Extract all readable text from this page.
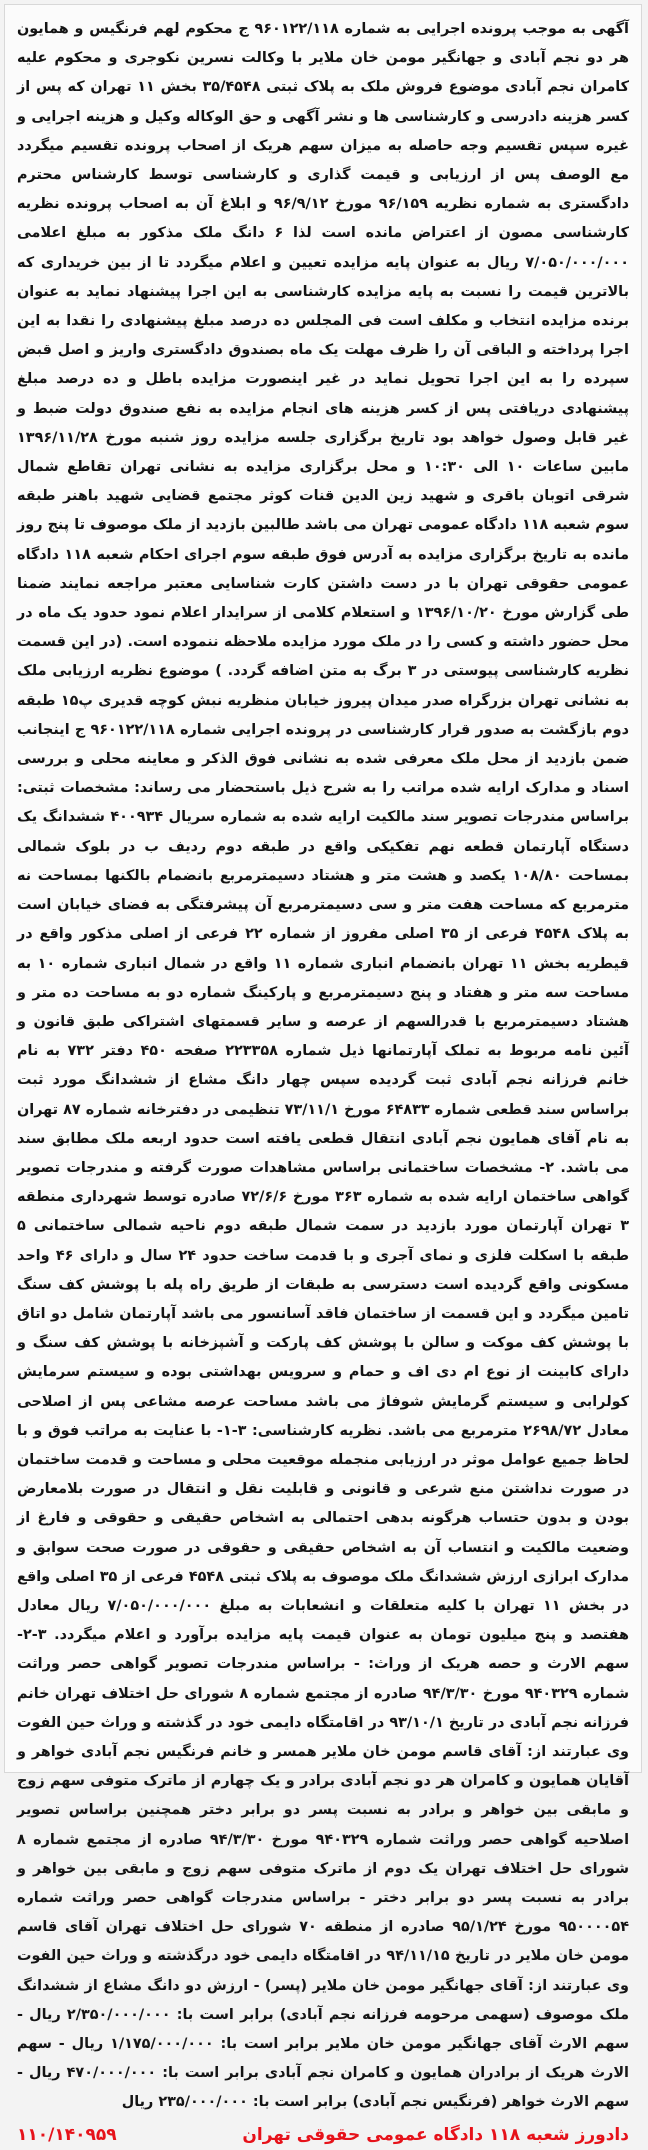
آگهی به موجب پرونده اجرایی به شماره ۹۶۰۱۲۲/۱۱۸ ج محکوم لهم فرنگیس و همایون هر دو نجم آبادی و جهانگیر مومن خان ملایر با وکالت نسرین نکوجری و محکوم علیه کامران نجم آبادی موضوع فروش ملک به پلاک ثبتی ۳۵/۴۵۴۸ بخش ۱۱ تهران که پس از کسر هزینه دادرسی و کارشناسی ها و نشر آگهی و حق الوکاله وکیل و هزینه اجرایی و غیره سپس تقسیم وجه حاصله به میزان سهم هریک از اصحاب پرونده تقسیم میگردد مع الوصف پس از ارزیابی و قیمت گذاری و کارشناسی توسط کارشناس محترم دادگستری به شماره نظریه ۹۶/۱۵۹ مورخ ۹۶/۹/۱۲ و ابلاغ آن به اصحاب پرونده نظریه کارشناسی مصون از اعتراض مانده است لذا ۶ دانگ ملک مذکور به مبلغ اعلامی ۷/۰۵۰/۰۰۰/۰۰۰ ریال به عنوان پایه مزایده تعیین و اعلام میگردد تا از بین خریداری که بالاترین قیمت را نسبت به پایه مزایده کارشناسی به این اجرا پیشنهاد نماید به عنوان برنده مزایده انتخاب و مکلف است فی المجلس ده درصد مبلغ پیشنهادی را نقدا به این اجرا پرداخته و الباقی آن را ظرف مهلت یک ماه بصندوق دادگستری واریز و اصل قبض سپرده را به این اجرا تحویل نماید در غیر اینصورت مزایده باطل و ده درصد مبلغ پیشنهادی دریافتی پس از کسر هزینه های انجام مزایده به نفع صندوق دولت ضبط و غیر قابل وصول خواهد بود تاریخ برگزاری جلسه مزایده روز شنبه مورخ ۱۳۹۶/۱۱/۲۸ مابین ساعات ۱۰ الی ۱۰:۳۰ و محل برگزاری مزایده به نشانی تهران تقاطع شمال شرقی اتوبان باقری و شهید زین الدین قنات کوثر مجتمع قضایی شهید باهنر طبقه سوم شعبه ۱۱۸ دادگاه عمومی تهران می باشد طالبین بازدید از ملک موصوف تا پنج روز مانده به تاریخ برگزاری مزایده به آدرس فوق طبقه سوم اجرای احکام شعبه ۱۱۸ دادگاه عمومی حقوقی تهران با در دست داشتن کارت شناسایی معتبر مراجعه نمایند ضمنا طی گزارش مورخ ۱۳۹۶/۱۰/۲۰ و استعلام کلامی از سرایدار اعلام نمود حدود یک ماه در محل حضور داشته و کسی را در ملک مورد مزایده ملاحظه ننموده است. (در این قسمت نظریه کارشناسی پیوستی در ۳ برگ به متن اضافه گردد. ) موضوع نظریه ارزیابی ملک به نشانی تهران بزرگراه صدر میدان پیروز خیابان منظریه نبش کوچه قدیری پ۱۵ طبقه دوم بازگشت به صدور قرار کارشناسی در پرونده اجرایی شماره ۹۶۰۱۲۲/۱۱۸ ج اینجانب ضمن بازدید از محل ملک معرفی شده به نشانی فوق الذکر و معاینه محلی و بررسی اسناد و مدارک ارایه شده مراتب را به شرح ذیل باستحضار می رساند: مشخصات ثبتی: براساس مندرجات تصویر سند مالکیت ارایه شده به شماره سریال ۴۰۰۹۳۴ ششدانگ یک دستگاه آپارتمان قطعه نهم تفکیکی واقع در طبقه دوم ردیف ب در بلوک شمالی بمساحت ۱۰۸/۸۰ یکصد و هشت متر و هشتاد دسیمترمربع بانضمام بالکنها بمساحت نه مترمربع که مساحت هفت متر و سی دسیمترمربع آن پیشرفتگی به فضای خیابان است به پلاک ۴۵۴۸ فرعی از ۳۵ اصلی مفروز از شماره ۲۲ فرعی از اصلی مذکور واقع در قیطریه بخش ۱۱ تهران بانضمام انباری شماره ۱۱ واقع در شمال انباری شماره ۱۰ به مساحت سه متر و هفتاد و پنج دسیمترمربع و پارکینگ شماره دو به مساحت ده متر و هشتاد دسیمترمربع با قدرالسهم از عرصه و سایر قسمتهای اشتراکی طبق قانون و آئین نامه مربوط به تملک آپارتمانها ذیل شماره ۲۲۳۳۵۸ صفحه ۴۵۰ دفتر ۷۳۲ به نام خانم فرزانه نجم آبادی ثبت گردیده سپس چهار دانگ مشاع از ششدانگ مورد ثبت براساس سند قطعی شماره ۶۴۸۳۳ مورخ ۷۳/۱۱/۱ تنظیمی در دفترخانه شماره ۸۷ تهران به نام آقای همایون نجم آبادی انتقال قطعی یافته است حدود اربعه ملک مطابق سند می باشد. ۲- مشخصات ساختمانی براساس مشاهدات صورت گرفته و مندرجات تصویر گواهی ساختمان ارایه شده به شماره ۳۶۳ مورخ ۷۲/۶/۶ صادره توسط شهرداری منطقه ۳ تهران آپارتمان مورد بازدید در سمت شمال طبقه دوم ناحیه شمالی ساختمانی ۵ طبقه با اسکلت فلزی و نمای آجری و با قدمت ساخت حدود ۲۴ سال و دارای ۴۶ واحد مسکونی واقع گردیده است دسترسی به طبقات از طریق راه پله با پوشش کف سنگ تامین میگردد و این قسمت از ساختمان فاقد آسانسور می باشد آپارتمان شامل دو اتاق با پوشش کف موکت و سالن با پوشش کف پارکت و آشپزخانه با پوشش کف سنگ و دارای کابینت از نوع ام دی اف و حمام و سرویس بهداشتی بوده و سیستم سرمایش کولرابی و سیستم گرمایش شوفاژ می باشد مساحت عرصه مشاعی پس از اصلاحی معادل ۲۶۹۸/۷۲ مترمربع می باشد. نظریه کارشناسی: ۳-۱- با عنایت به مراتب فوق و با لحاظ جمیع عوامل موثر در ارزیابی منجمله موقعیت محلی و مساحت و قدمت ساختمان در صورت نداشتن منع شرعی و قانونی و قابلیت نقل و انتقال در صورت بلامعارض بودن و بدون حتساب هرگونه بدهی احتمالی به اشخاص حقیقی و حقوقی و فارغ از وضعیت مالکیت و انتساب آن به اشخاص حقیقی و حقوقی در صورت صحت سوابق و مدارک ابرازی ارزش ششدانگ ملک موصوف به پلاک ثبتی ۴۵۴۸ فرعی از ۳۵ اصلی واقع در بخش ۱۱ تهران با کلیه متعلقات و انشعابات به مبلغ ۷/۰۵۰/۰۰۰/۰۰۰ ریال معادل هفتصد و پنج میلیون تومان به عنوان قیمت پایه مزایده برآورد و اعلام میگردد. ۳-۲- سهم الارث و حصه هریک از وراث: - براساس مندرجات تصویر گواهی حصر وراثت شماره ۹۴۰۳۲۹ مورخ ۹۴/۳/۳۰ صادره از مجتمع شماره ۸ شورای حل اختلاف تهران خانم فرزانه نجم آبادی در تاریخ ۹۳/۱۰/۱ در اقامتگاه دایمی خود در گذشته و وراث حین الفوت وی عبارتند از: آقای قاسم مومن خان ملایر همسر و خانم فرنگیس نجم آبادی خواهر و آقایان همایون و کامران هر دو نجم آبادی برادر و یک چهارم از ماترک متوفی سهم زوج و مابقی بین خواهر و برادر به نسبت پسر دو برابر دختر همچنین براساس تصویر اصلاحیه گواهی حصر وراثت شماره ۹۴۰۳۲۹ مورخ ۹۴/۳/۳۰ صادره از مجتمع شماره ۸ شورای حل اختلاف تهران یک دوم از ماترک متوفی سهم زوج و مابقی بین خواهر و برادر به نسبت پسر دو برابر دختر - براساس مندرجات گواهی حصر وراثت شماره ۹۵۰۰۰۰۵۴ مورخ ۹۵/۱/۲۴ صادره از منطقه ۷۰ شورای حل اختلاف تهران آقای قاسم مومن خان ملایر در تاریخ ۹۴/۱۱/۱۵ در اقامتگاه دایمی خود درگذشته و وراث حین الفوت وی عبارتند از: آقای جهانگیر مومن خان ملایر (پسر) - ارزش دو دانگ مشاع از ششدانگ ملک موصوف (سهمی مرحومه فرزانه نجم آبادی) برابر است با: ۲/۳۵۰/۰۰۰/۰۰۰ ریال - سهم الارث آقای جهانگیر مومن خان ملایر برابر است با: ۱/۱۷۵/۰۰۰/۰۰۰ ریال - سهم الارث هریک از برادران همایون و کامران نجم آبادی برابر است با: ۴۷۰/۰۰۰/۰۰۰ ریال - سهم الارث خواهر (فرنگیس نجم آبادی) برابر است با: ۲۳۵/۰۰۰/۰۰۰ ریال

دادورز شعبه ۱۱۸ دادگاه عمومی حقوقی تهران
۱۱۰/۱۴۰۹۵۹
